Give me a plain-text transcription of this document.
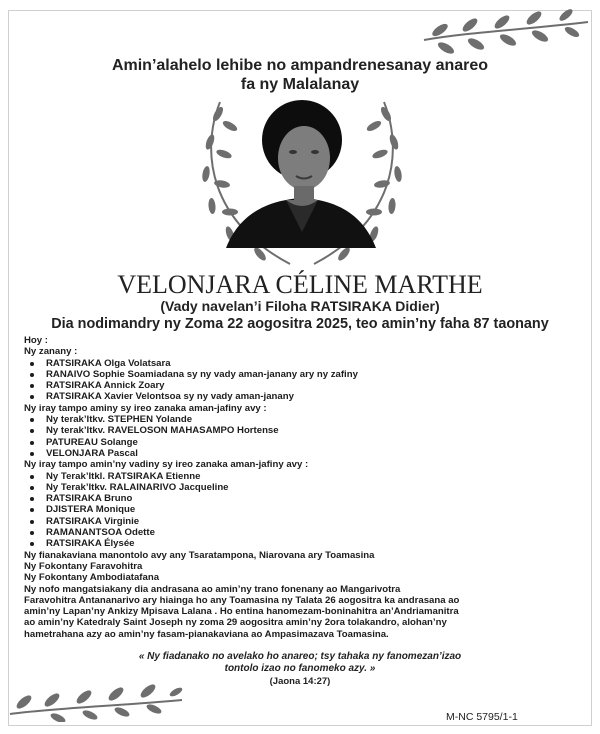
Amin’alahelo lehibe no ampandrenesanay anareo
fa ny Malalanay
VELONJARA CÉLINE MARTHE
(Vady navelan’i Filoha RATSIRAKA Didier)
Dia nodimandry ny Zoma 22 aogositra 2025, teo amin’ny faha 87 taonany
Hoy :
Ny zanany :
RATSIRAKA Olga Volatsara
RANAIVO Sophie Soamiadana sy ny vady aman-janany ary ny zafiny
RATSIRAKA Annick Zoary
RATSIRAKA Xavier Velontsoa sy ny vady aman-janany
Ny iray tampo aminy sy ireo zanaka aman-jafiny avy :
Ny terak’Itkv. STEPHEN Yolande
Ny terak’Itkv. RAVELOSON MAHASAMPO Hortense
PATUREAU Solange
VELONJARA Pascal
Ny iray tampo amin’ny vadiny sy ireo zanaka aman-jafiny avy :
Ny Terak’Itkl. RATSIRAKA Etienne
Ny Terak’Itkv. RALAINARIVO Jacqueline
RATSIRAKA Bruno
DJISTERA Monique
RATSIRAKA Virginie
RAMANANTSOA Odette
RATSIRAKA Élysée
Ny fianakaviana manontolo avy any Tsaratampona, Niarovana ary Toamasina
Ny Fokontany Faravohitra
Ny Fokontany Ambodiatafana
Ny nofo mangatsiakany dia andrasana ao amin’ny trano fonenany ao Mangarivotra
Faravohitra Antananarivo ary hiainga ho any Toamasina ny Talata 26 aogositra ka andrasana ao
amin’ny Lapan’ny Ankizy Mpisava Lalana . Ho entina hanomezam-boninahitra an’Andriamanitra
ao amin’ny Katedraly Saint Joseph ny zoma 29 aogositra amin’ny 2ora tolakandro, alohan’ny
hametrahana azy ao amin’ny fasam-pianakaviana ao Ampasimazava Toamasina.
« Ny fiadanako no avelako ho anareo; tsy tahaka ny fanomezan’izao
tontolo izao no fanomeko azy. »
(Jaona 14:27)
M-NC 5795/1-1
